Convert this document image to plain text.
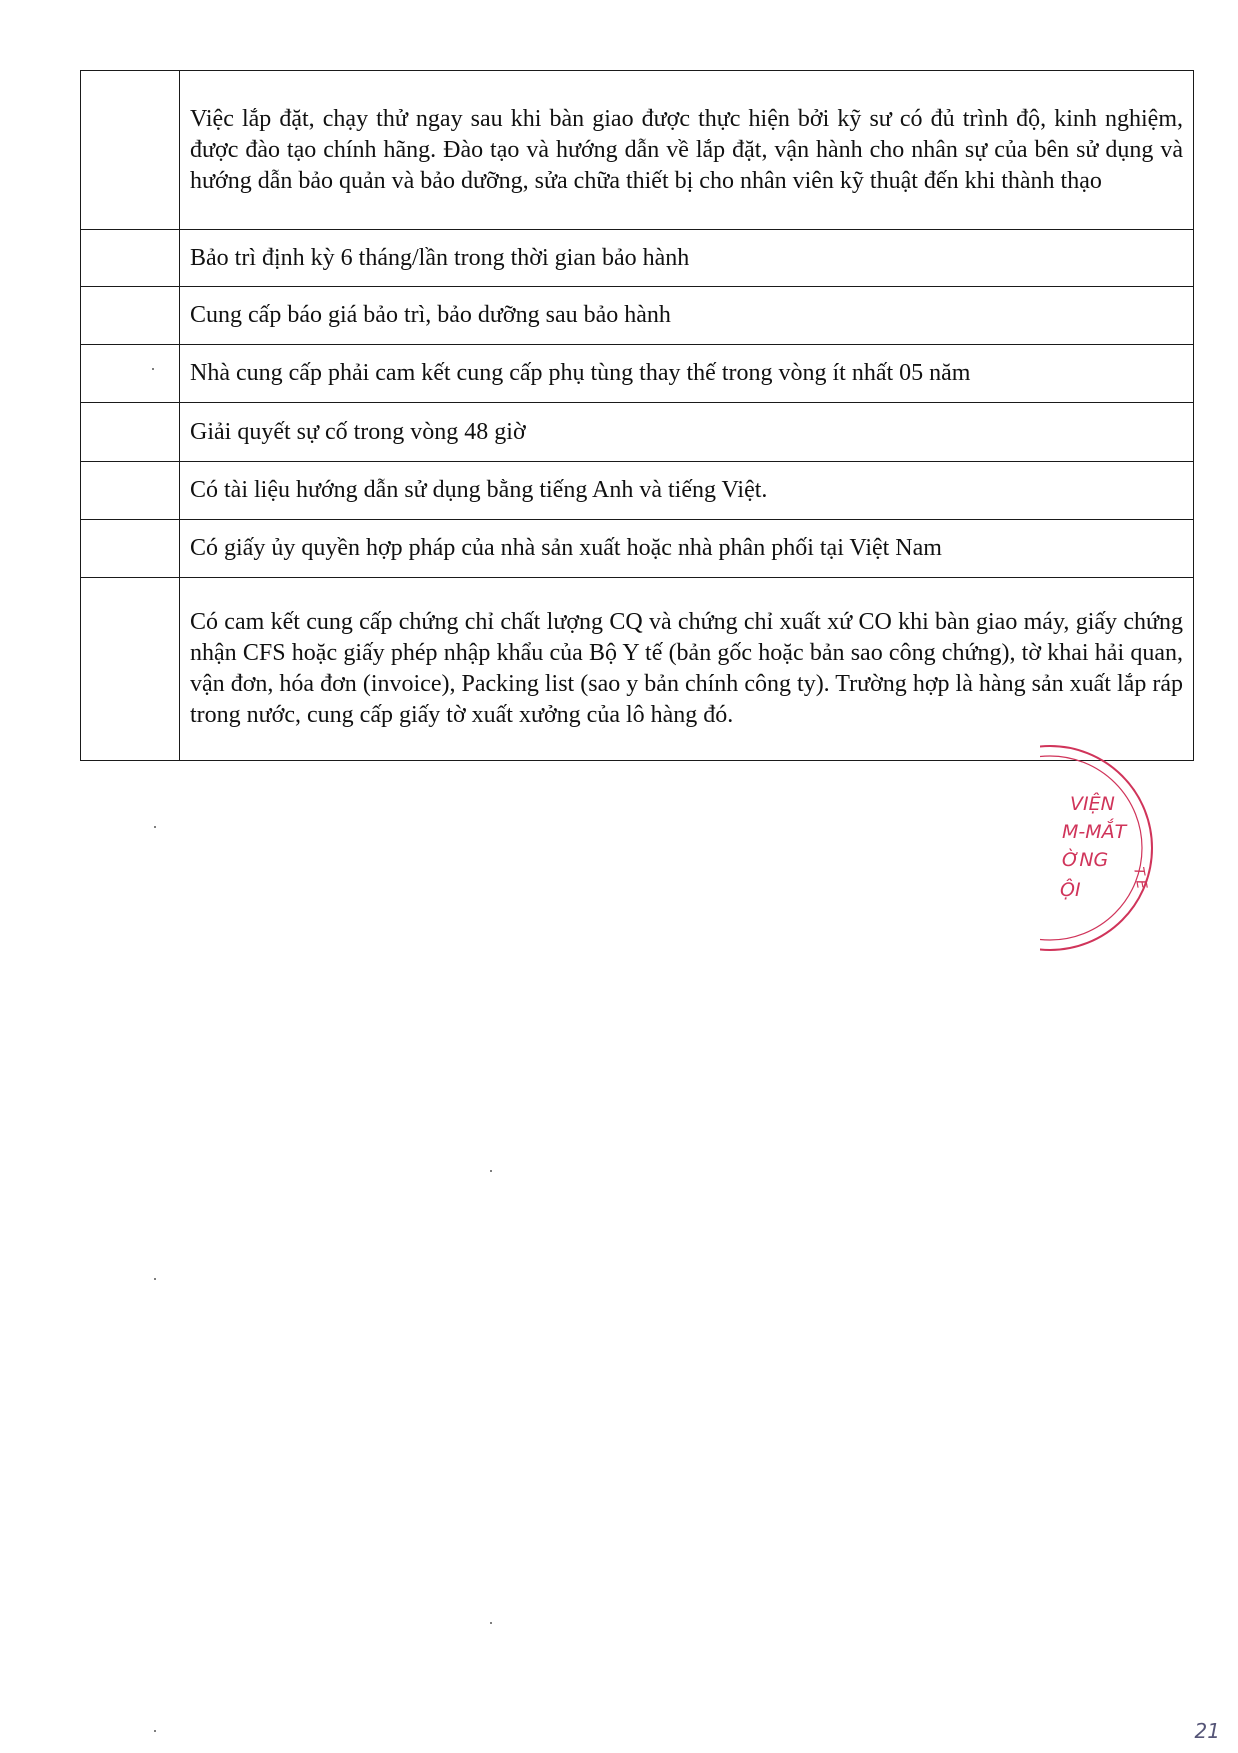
	Việc lắp đặt, chạy thử ngay sau khi bàn giao được thực hiện bởi kỹ sư có đủ trình độ, kinh nghiệm, được đào tạo chính hãng. Đào tạo và hướng dẫn về lắp đặt, vận hành cho nhân sự của bên sử dụng và hướng dẫn bảo quản và bảo dưỡng, sửa chữa thiết bị cho nhân viên kỹ thuật đến khi thành thạo
	Bảo trì định kỳ 6 tháng/lần trong thời gian bảo hành
	Cung cấp báo giá bảo trì, bảo dưỡng sau bảo hành
	Nhà cung cấp phải cam kết cung cấp phụ tùng thay thế trong vòng ít nhất 05 năm
	Giải quyết sự cố trong vòng 48 giờ
	Có tài liệu hướng dẫn sử dụng bằng tiếng Anh và tiếng Việt.
	Có giấy ủy quyền hợp pháp của nhà sản xuất hoặc nhà phân phối tại Việt Nam
	Có cam kết cung cấp chứng chỉ chất lượng CQ và chứng chỉ xuất xứ CO khi bàn giao máy, giấy chứng nhận CFS hoặc giấy phép nhập khẩu của Bộ Y tế (bản gốc hoặc bản sao công chứng), tờ khai hải quan, vận đơn, hóa đơn (invoice), Packing list (sao y bản chính công ty). Trường hợp là hàng sản xuất lắp ráp trong nước, cung cấp giấy tờ xuất xưởng của lô hàng đó.
VIỆN
M-MẮT
ỜNG
ỘI	T E
21
